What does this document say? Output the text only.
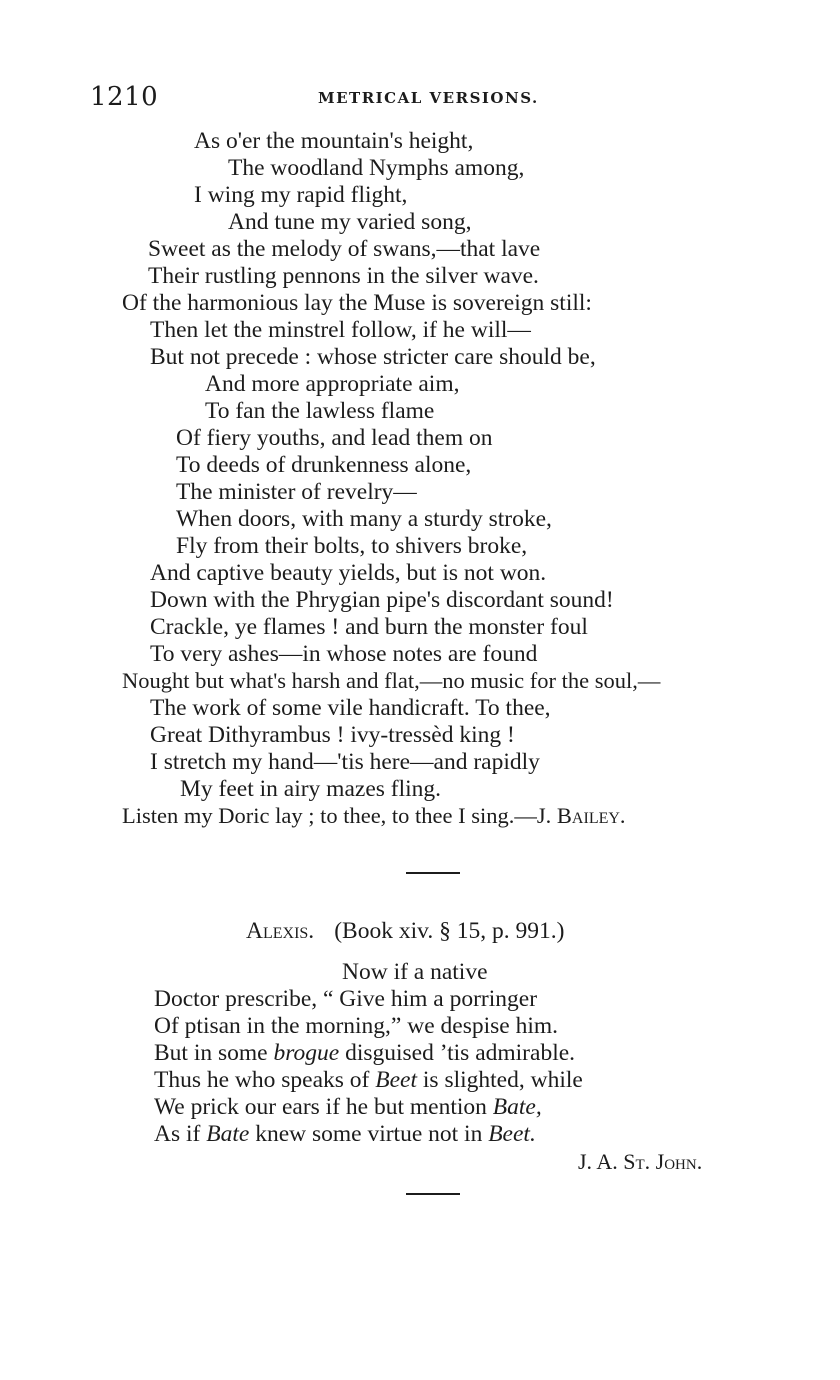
1210	METRICAL VERSIONS.
As o'er the mountain's height,
The woodland Nymphs among,
I wing my rapid flight,
And tune my varied song,
Sweet as the melody of swans,—that lave
Their rustling pennons in the silver wave.
Of the harmonious lay the Muse is sovereign still:
Then let the minstrel follow, if he will—
But not precede : whose stricter care should be,
And more appropriate aim,
To fan the lawless flame
Of fiery youths, and lead them on
To deeds of drunkenness alone,
The minister of revelry—
When doors, with many a sturdy stroke,
Fly from their bolts, to shivers broke,
And captive beauty yields, but is not won.
Down with the Phrygian pipe's discordant sound!
Crackle, ye flames ! and burn the monster foul
To very ashes—in whose notes are found
Nought but what's harsh and flat,—no music for the soul,—
The work of some vile handicraft. To thee,
Great Dithyrambus ! ivy-tressèd king !
I stretch my hand—'tis here—and rapidly
My feet in airy mazes fling.
Listen my Doric lay ; to thee, to thee I sing.—J. Bailey.
Alexis. (Book xiv. § 15, p. 991.)
Now if a native
Doctor prescribe, “ Give him a porringer
Of ptisan in the morning,” we despise him.
But in some brogue disguised ’tis admirable.
Thus he who speaks of Beet is slighted, while
We prick our ears if he but mention Bate,
As if Bate knew some virtue not in Beet.
J. A. St. John.
